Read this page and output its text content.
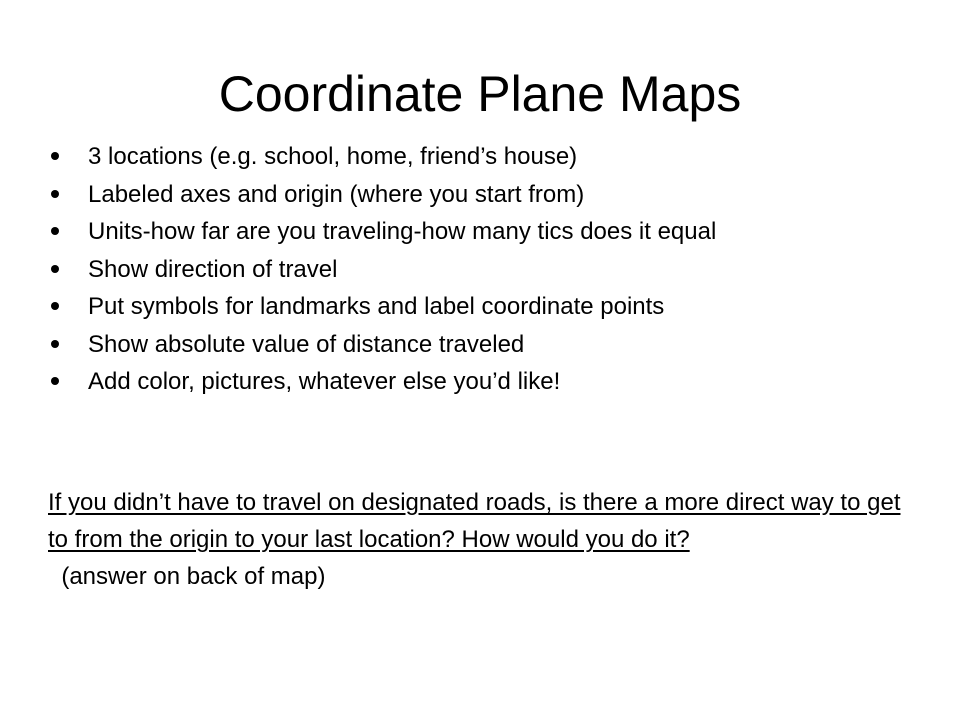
Coordinate Plane Maps
3 locations (e.g. school, home, friend’s house)
Labeled axes and origin (where you start from)
Units-how far are you traveling-how many tics does it equal
Show direction of travel
Put symbols for landmarks and label coordinate points
Show absolute value of distance traveled
Add color, pictures, whatever else you’d like!

If you didn’t have to travel on designated roads, is there a more direct way to get to from the origin to your last location? How would you do it?  (answer on back of map)
